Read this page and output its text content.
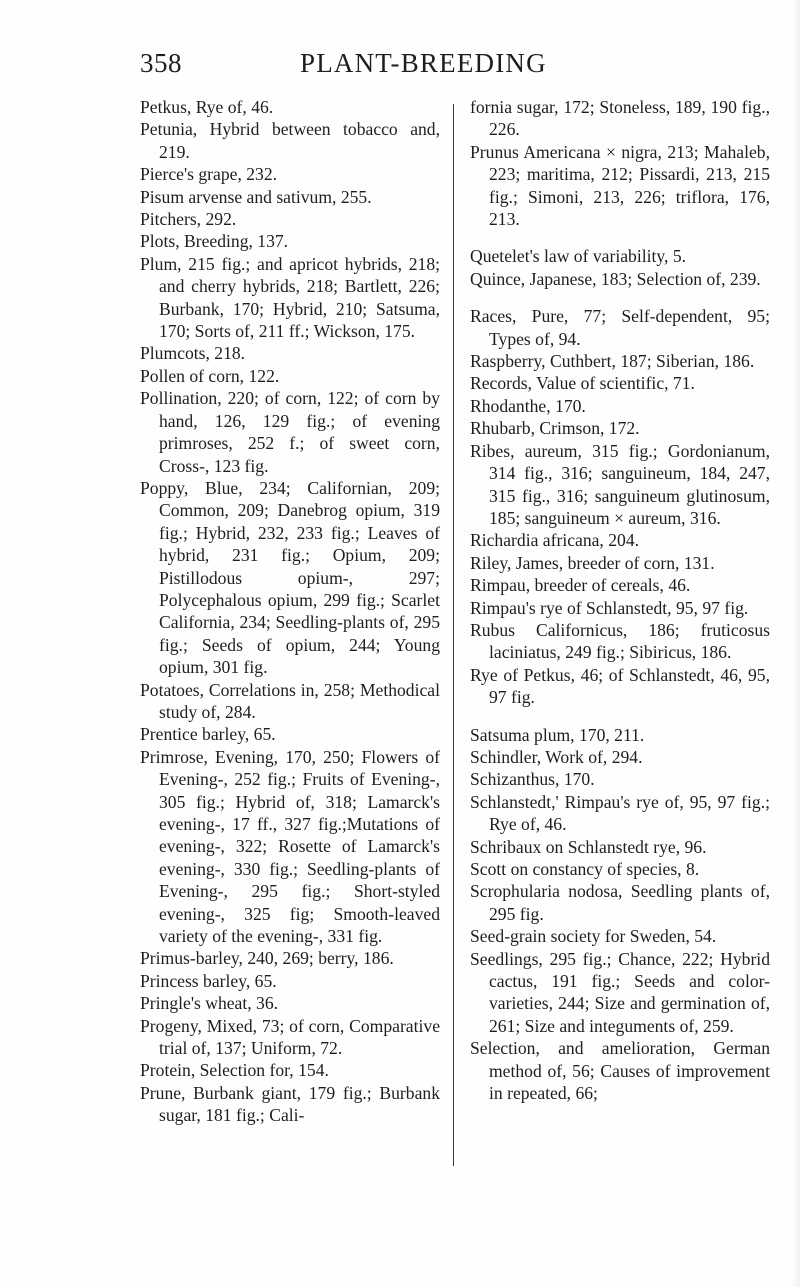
358	PLANT-BREEDING

Petkus, Rye of, 46.

Petunia, Hybrid between tobacco and, 219.

Pierce's grape, 232.

Pisum arvense and sativum, 255.

Pitchers, 292.

Plots, Breeding, 137.

Plum, 215 fig.; and apricot hybrids, 218; and cherry hybrids, 218; Bartlett, 226; Burbank, 170; Hybrid, 210; Satsuma, 170; Sorts of, 211 ff.; Wickson, 175.

Plumcots, 218.

Pollen of corn, 122.

Pollination, 220; of corn, 122; of corn by hand, 126, 129 fig.; of evening primroses, 252 f.; of sweet corn, Cross-, 123 fig.

Poppy, Blue, 234; Californian, 209; Common, 209; Danebrog opium, 319 fig.; Hybrid, 232, 233 fig.; Leaves of hybrid, 231 fig.; Opium, 209; Pistillodous opium-, 297; Polycephalous opium, 299 fig.; Scarlet California, 234; Seedling-plants of, 295 fig.; Seeds of opium, 244; Young opium, 301 fig.

Potatoes, Correlations in, 258; Methodical study of, 284.

Prentice barley, 65.

Primrose, Evening, 170, 250; Flowers of Evening-, 252 fig.; Fruits of Evening-, 305 fig.; Hybrid of, 318; Lamarck's evening-, 17 ff., 327 fig.;Mutations of evening-, 322; Rosette of Lamarck's evening-, 330 fig.; Seedling-plants of Evening-, 295 fig.; Short-styled evening-, 325 fig; Smooth-leaved variety of the evening-, 331 fig.

Primus-barley, 240, 269; berry, 186.

Princess barley, 65.

Pringle's wheat, 36.

Progeny, Mixed, 73; of corn, Comparative trial of, 137; Uniform, 72.

Protein, Selection for, 154.

Prune, Burbank giant, 179 fig.; Burbank sugar, 181 fig.; Cali-

fornia sugar, 172; Stoneless, 189, 190 fig., 226.

Prunus Americana × nigra, 213; Mahaleb, 223; maritima, 212; Pissardi, 213, 215 fig.; Simoni, 213, 226; triflora, 176, 213.

Quetelet's law of variability, 5.

Quince, Japanese, 183; Selection of, 239.

Races, Pure, 77; Self-dependent, 95; Types of, 94.

Raspberry, Cuthbert, 187; Siberian, 186.

Records, Value of scientific, 71.

Rhodanthe, 170.

Rhubarb, Crimson, 172.

Ribes, aureum, 315 fig.; Gordonianum, 314 fig., 316; sanguineum, 184, 247, 315 fig., 316; sanguineum glutinosum, 185; sanguineum × aureum, 316.

Richardia africana, 204.

Riley, James, breeder of corn, 131.

Rimpau, breeder of cereals, 46.

Rimpau's rye of Schlanstedt, 95, 97 fig.

Rubus Californicus, 186; fruticosus laciniatus, 249 fig.; Sibiricus, 186.

Rye of Petkus, 46; of Schlanstedt, 46, 95, 97 fig.

Satsuma plum, 170, 211.

Schindler, Work of, 294.

Schizanthus, 170.

Schlanstedt,' Rimpau's rye of, 95, 97 fig.; Rye of, 46.

Schribaux on Schlanstedt rye, 96.

Scott on constancy of species, 8.

Scrophularia nodosa, Seedling plants of, 295 fig.

Seed-grain society for Sweden, 54.

Seedlings, 295 fig.; Chance, 222; Hybrid cactus, 191 fig.; Seeds and color-varieties, 244; Size and germination of, 261; Size and integuments of, 259.

Selection, and amelioration, German method of, 56; Causes of improvement in repeated, 66;
